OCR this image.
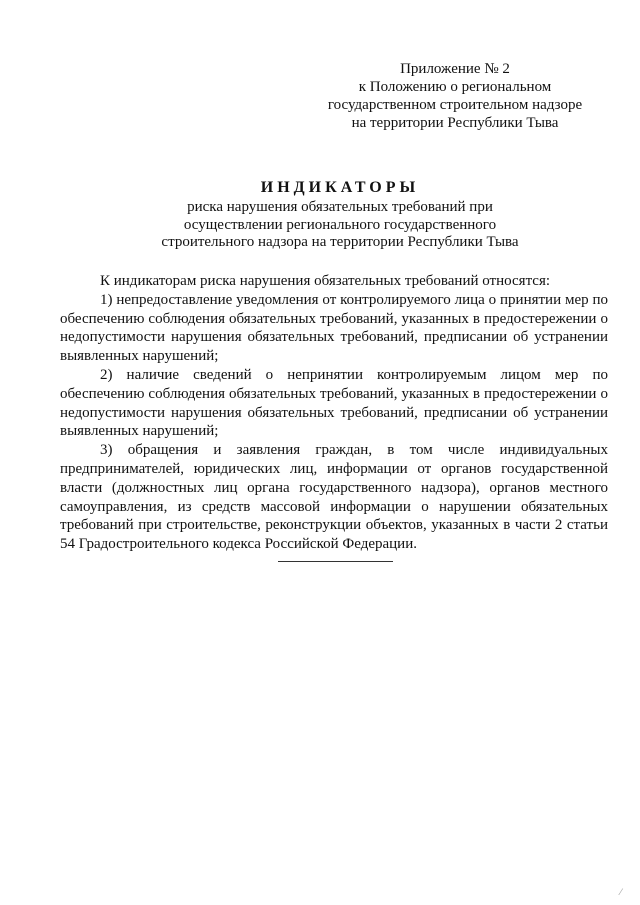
Приложение № 2
к Положению о региональном
государственном строительном надзоре
на территории Республики Тыва
ИНДИКАТОРЫ
риска нарушения обязательных требований при
осуществлении регионального государственного
строительного надзора на территории Республики Тыва

К индикаторам риска нарушения обязательных требований относятся:

1) непредоставление уведомления от контролируемого лица о принятии мер по обеспечению соблюдения обязательных требований, указанных в предостережении о недопустимости нарушения обязательных требований, предписании об устранении выявленных нарушений;

2) наличие сведений о непринятии контролируемым лицом мер по обеспечению соблюдения обязательных требований, указанных в предостережении о недопустимости нарушения обязательных требований, предписании об устранении выявленных нарушений;

3) обращения и заявления граждан, в том числе индивидуальных предпринимателей, юридических лиц, информации от органов государственной власти (должностных лиц органа государственного надзора), органов местного самоуправления, из средств массовой информации о нарушении обязательных требований при строительстве, реконструкции объектов, указанных в части 2 статьи 54 Градостроительного кодекса Российской Федерации.

⁄
